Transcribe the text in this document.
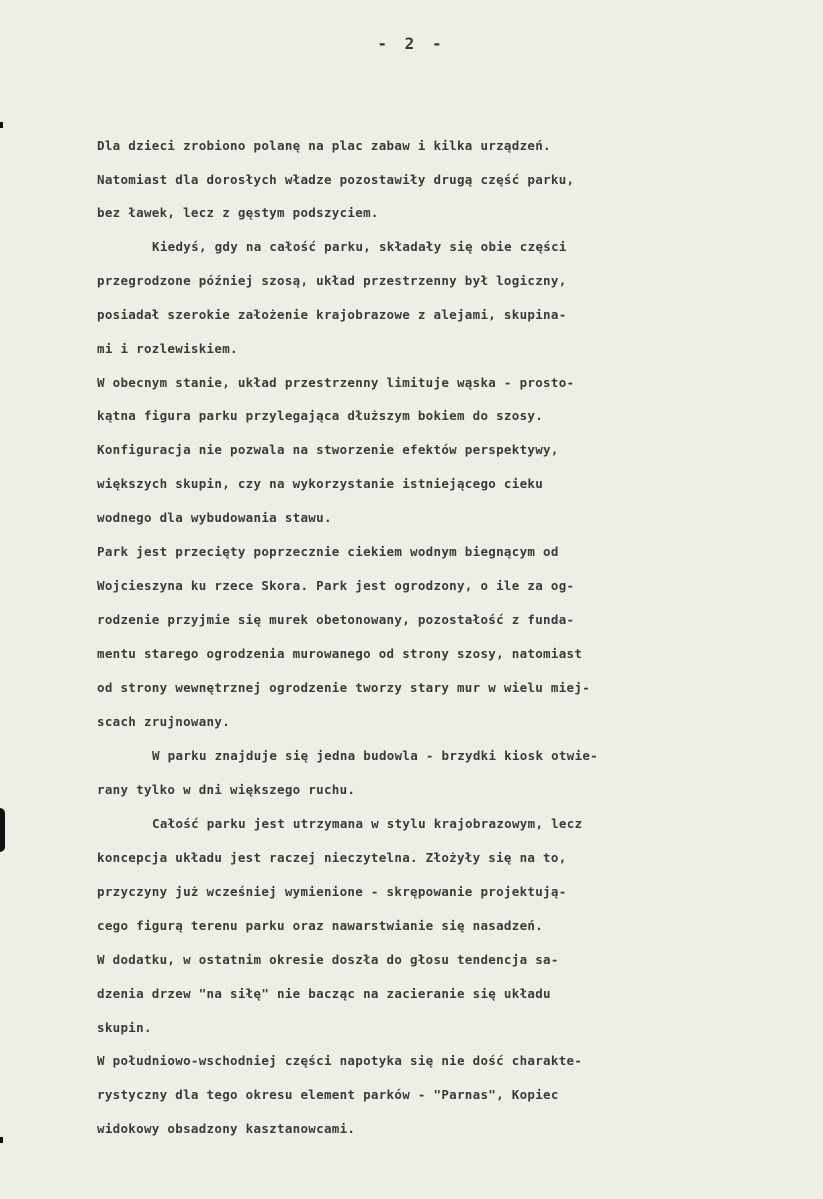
- 2 -
Dla dzieci zrobiono polanę na plac zabaw i kilka urządzeń.
Natomiast dla dorosłych władze pozostawiły drugą część parku,
bez ławek, lecz z gęstym podszyciem.
Kiedyś, gdy na całość parku, składały się obie części
przegrodzone później szosą, układ przestrzenny był logiczny,
posiadał szerokie założenie krajobrazowe z alejami, skupina-
mi i rozlewiskiem.
W obecnym stanie, układ przestrzenny limituje wąska - prosto-
kątna figura parku przylegająca dłuższym bokiem do szosy.
Konfiguracja nie pozwala na stworzenie efektów perspektywy,
większych skupin, czy na wykorzystanie istniejącego cieku
wodnego dla wybudowania stawu.
Park jest przecięty poprzecznie ciekiem wodnym biegnącym od
Wojcieszyna ku rzece Skora. Park jest ogrodzony, o ile za og-
rodzenie przyjmie się murek obetonowany, pozostałość z funda-
mentu starego ogrodzenia murowanego od strony szosy, natomiast
od strony wewnętrznej ogrodzenie tworzy stary mur w wielu miej-
scach zrujnowany.
W parku znajduje się jedna budowla - brzydki kiosk otwie-
rany tylko w dni większego ruchu.
Całość parku jest utrzymana w stylu krajobrazowym, lecz
koncepcja układu jest raczej nieczytelna. Złożyły się na to,
przyczyny już wcześniej wymienione - skrępowanie projektują-
cego figurą terenu parku oraz nawarstwianie się nasadzeń.
W dodatku, w ostatnim okresie doszła do głosu tendencja sa-
dzenia drzew "na siłę" nie bacząc na zacieranie się układu
skupin.
W południowo-wschodniej części napotyka się nie dość charakte-
rystyczny dla tego okresu element parków - "Parnas", Kopiec
widokowy obsadzony kasztanowcami.
